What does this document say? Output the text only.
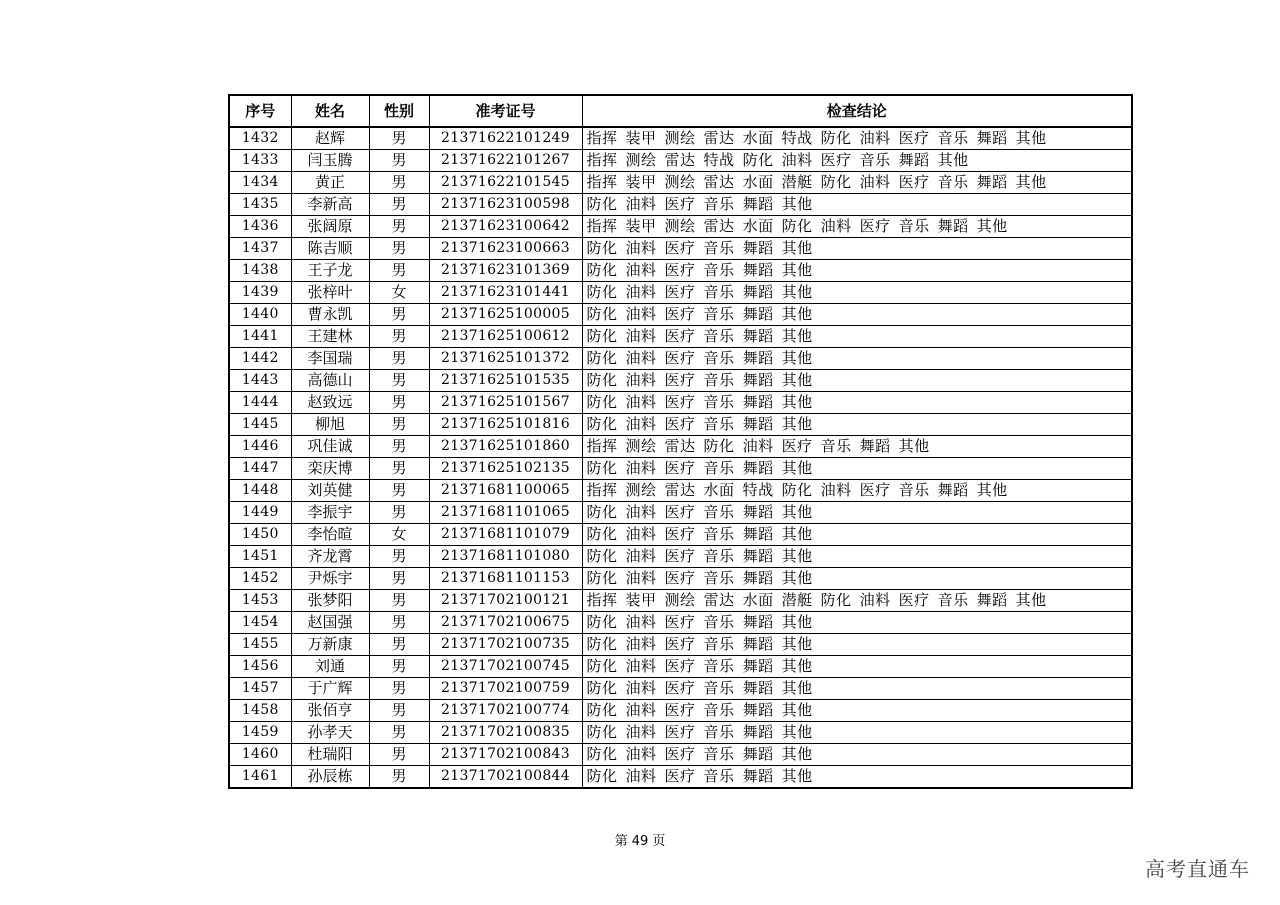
序号	姓名	性别	准考证号	检查结论
1432	赵辉	男	21371622101249	指挥 装甲 测绘 雷达 水面 特战 防化 油料 医疗 音乐 舞蹈 其他
1433	闫玉腾	男	21371622101267	指挥 测绘 雷达 特战 防化 油料 医疗 音乐 舞蹈 其他
1434	黄正	男	21371622101545	指挥 装甲 测绘 雷达 水面 潜艇 防化 油料 医疗 音乐 舞蹈 其他
1435	李新高	男	21371623100598	防化 油料 医疗 音乐 舞蹈 其他
1436	张阔原	男	21371623100642	指挥 装甲 测绘 雷达 水面 防化 油料 医疗 音乐 舞蹈 其他
1437	陈吉顺	男	21371623100663	防化 油料 医疗 音乐 舞蹈 其他
1438	王子龙	男	21371623101369	防化 油料 医疗 音乐 舞蹈 其他
1439	张梓叶	女	21371623101441	防化 油料 医疗 音乐 舞蹈 其他
1440	曹永凯	男	21371625100005	防化 油料 医疗 音乐 舞蹈 其他
1441	王建林	男	21371625100612	防化 油料 医疗 音乐 舞蹈 其他
1442	李国瑞	男	21371625101372	防化 油料 医疗 音乐 舞蹈 其他
1443	高德山	男	21371625101535	防化 油料 医疗 音乐 舞蹈 其他
1444	赵致远	男	21371625101567	防化 油料 医疗 音乐 舞蹈 其他
1445	柳旭	男	21371625101816	防化 油料 医疗 音乐 舞蹈 其他
1446	巩佳诚	男	21371625101860	指挥 测绘 雷达 防化 油料 医疗 音乐 舞蹈 其他
1447	栾庆博	男	21371625102135	防化 油料 医疗 音乐 舞蹈 其他
1448	刘英健	男	21371681100065	指挥 测绘 雷达 水面 特战 防化 油料 医疗 音乐 舞蹈 其他
1449	李振宇	男	21371681101065	防化 油料 医疗 音乐 舞蹈 其他
1450	李怡暄	女	21371681101079	防化 油料 医疗 音乐 舞蹈 其他
1451	齐龙霄	男	21371681101080	防化 油料 医疗 音乐 舞蹈 其他
1452	尹烁宇	男	21371681101153	防化 油料 医疗 音乐 舞蹈 其他
1453	张梦阳	男	21371702100121	指挥 装甲 测绘 雷达 水面 潜艇 防化 油料 医疗 音乐 舞蹈 其他
1454	赵国强	男	21371702100675	防化 油料 医疗 音乐 舞蹈 其他
1455	万新康	男	21371702100735	防化 油料 医疗 音乐 舞蹈 其他
1456	刘通	男	21371702100745	防化 油料 医疗 音乐 舞蹈 其他
1457	于广辉	男	21371702100759	防化 油料 医疗 音乐 舞蹈 其他
1458	张佰亨	男	21371702100774	防化 油料 医疗 音乐 舞蹈 其他
1459	孙孝天	男	21371702100835	防化 油料 医疗 音乐 舞蹈 其他
1460	杜瑞阳	男	21371702100843	防化 油料 医疗 音乐 舞蹈 其他
1461	孙辰栋	男	21371702100844	防化 油料 医疗 音乐 舞蹈 其他
第 49 页
高考直通车
